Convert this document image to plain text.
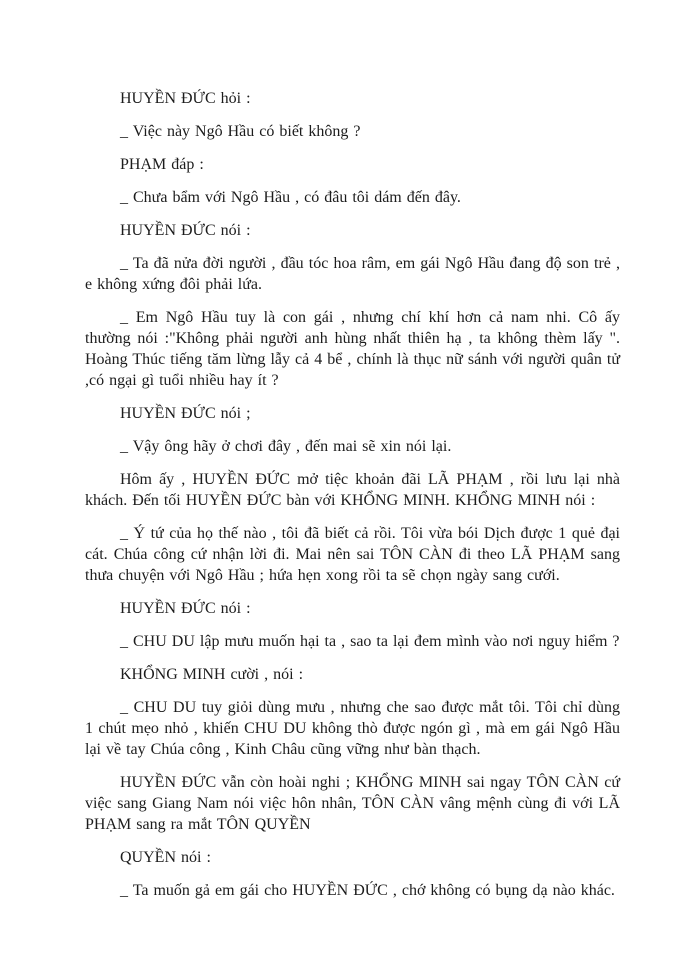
HUYỀN ĐỨC hỏi :

_ Việc này Ngô Hầu có biết không ?

PHẠM đáp :

_ Chưa bẩm với Ngô Hầu , có đâu tôi dám đến đây.

HUYỀN ĐỨC nói :

_ Ta đã nửa đời người , đầu tóc hoa râm, em gái Ngô Hầu đang độ son trẻ , e không xứng đôi phải lứa.

_ Em Ngô Hầu tuy là con gái , nhưng chí khí hơn cả nam nhi. Cô ấy thường nói :"Không phải người anh hùng nhất thiên hạ , ta không thèm lấy ". Hoàng Thúc tiếng tăm lừng lẫy cả 4 bể , chính là thục nữ sánh với người quân tử ,có ngại gì tuổi nhiều hay ít ?

HUYỀN ĐỨC nói ;

_ Vậy ông hãy ở chơi đây , đến mai sẽ xin nói lại.

Hôm ấy , HUYỀN ĐỨC mở tiệc khoản đãi LÃ PHẠM , rồi lưu lại nhà khách. Đến tối HUYỀN ĐỨC bàn với KHỔNG MINH. KHỔNG MINH nói :

_ Ý tứ của họ thế nào , tôi đã biết cả rồi. Tôi vừa bói Dịch được 1 quẻ đại cát. Chúa công cứ nhận lời đi. Mai nên sai TÔN CÀN đi theo LÃ PHẠM sang thưa chuyện với Ngô Hầu ; hứa hẹn xong rồi ta sẽ chọn ngày sang cưới.

HUYỀN ĐỨC nói :

_ CHU DU lập mưu muốn hại ta , sao ta lại đem mình vào nơi nguy hiểm ?

KHỔNG MINH cười , nói :

_ CHU DU tuy giỏi dùng mưu , nhưng che sao được mắt tôi. Tôi chỉ dùng 1 chút mẹo nhỏ , khiến CHU DU không thò được ngón gì , mà em gái Ngô Hầu lại về tay Chúa công , Kinh Châu cũng vững như bàn thạch.

HUYỀN ĐỨC vẫn còn hoài nghi ; KHỔNG MINH sai ngay TÔN CÀN cứ việc sang Giang Nam nói việc hôn nhân, TÔN CÀN vâng mệnh cùng đi với LÃ PHẠM sang ra mắt TÔN QUYỀN

QUYỀN nói :

_ Ta muốn gả em gái cho HUYỀN ĐỨC , chớ không có bụng dạ nào khác.
